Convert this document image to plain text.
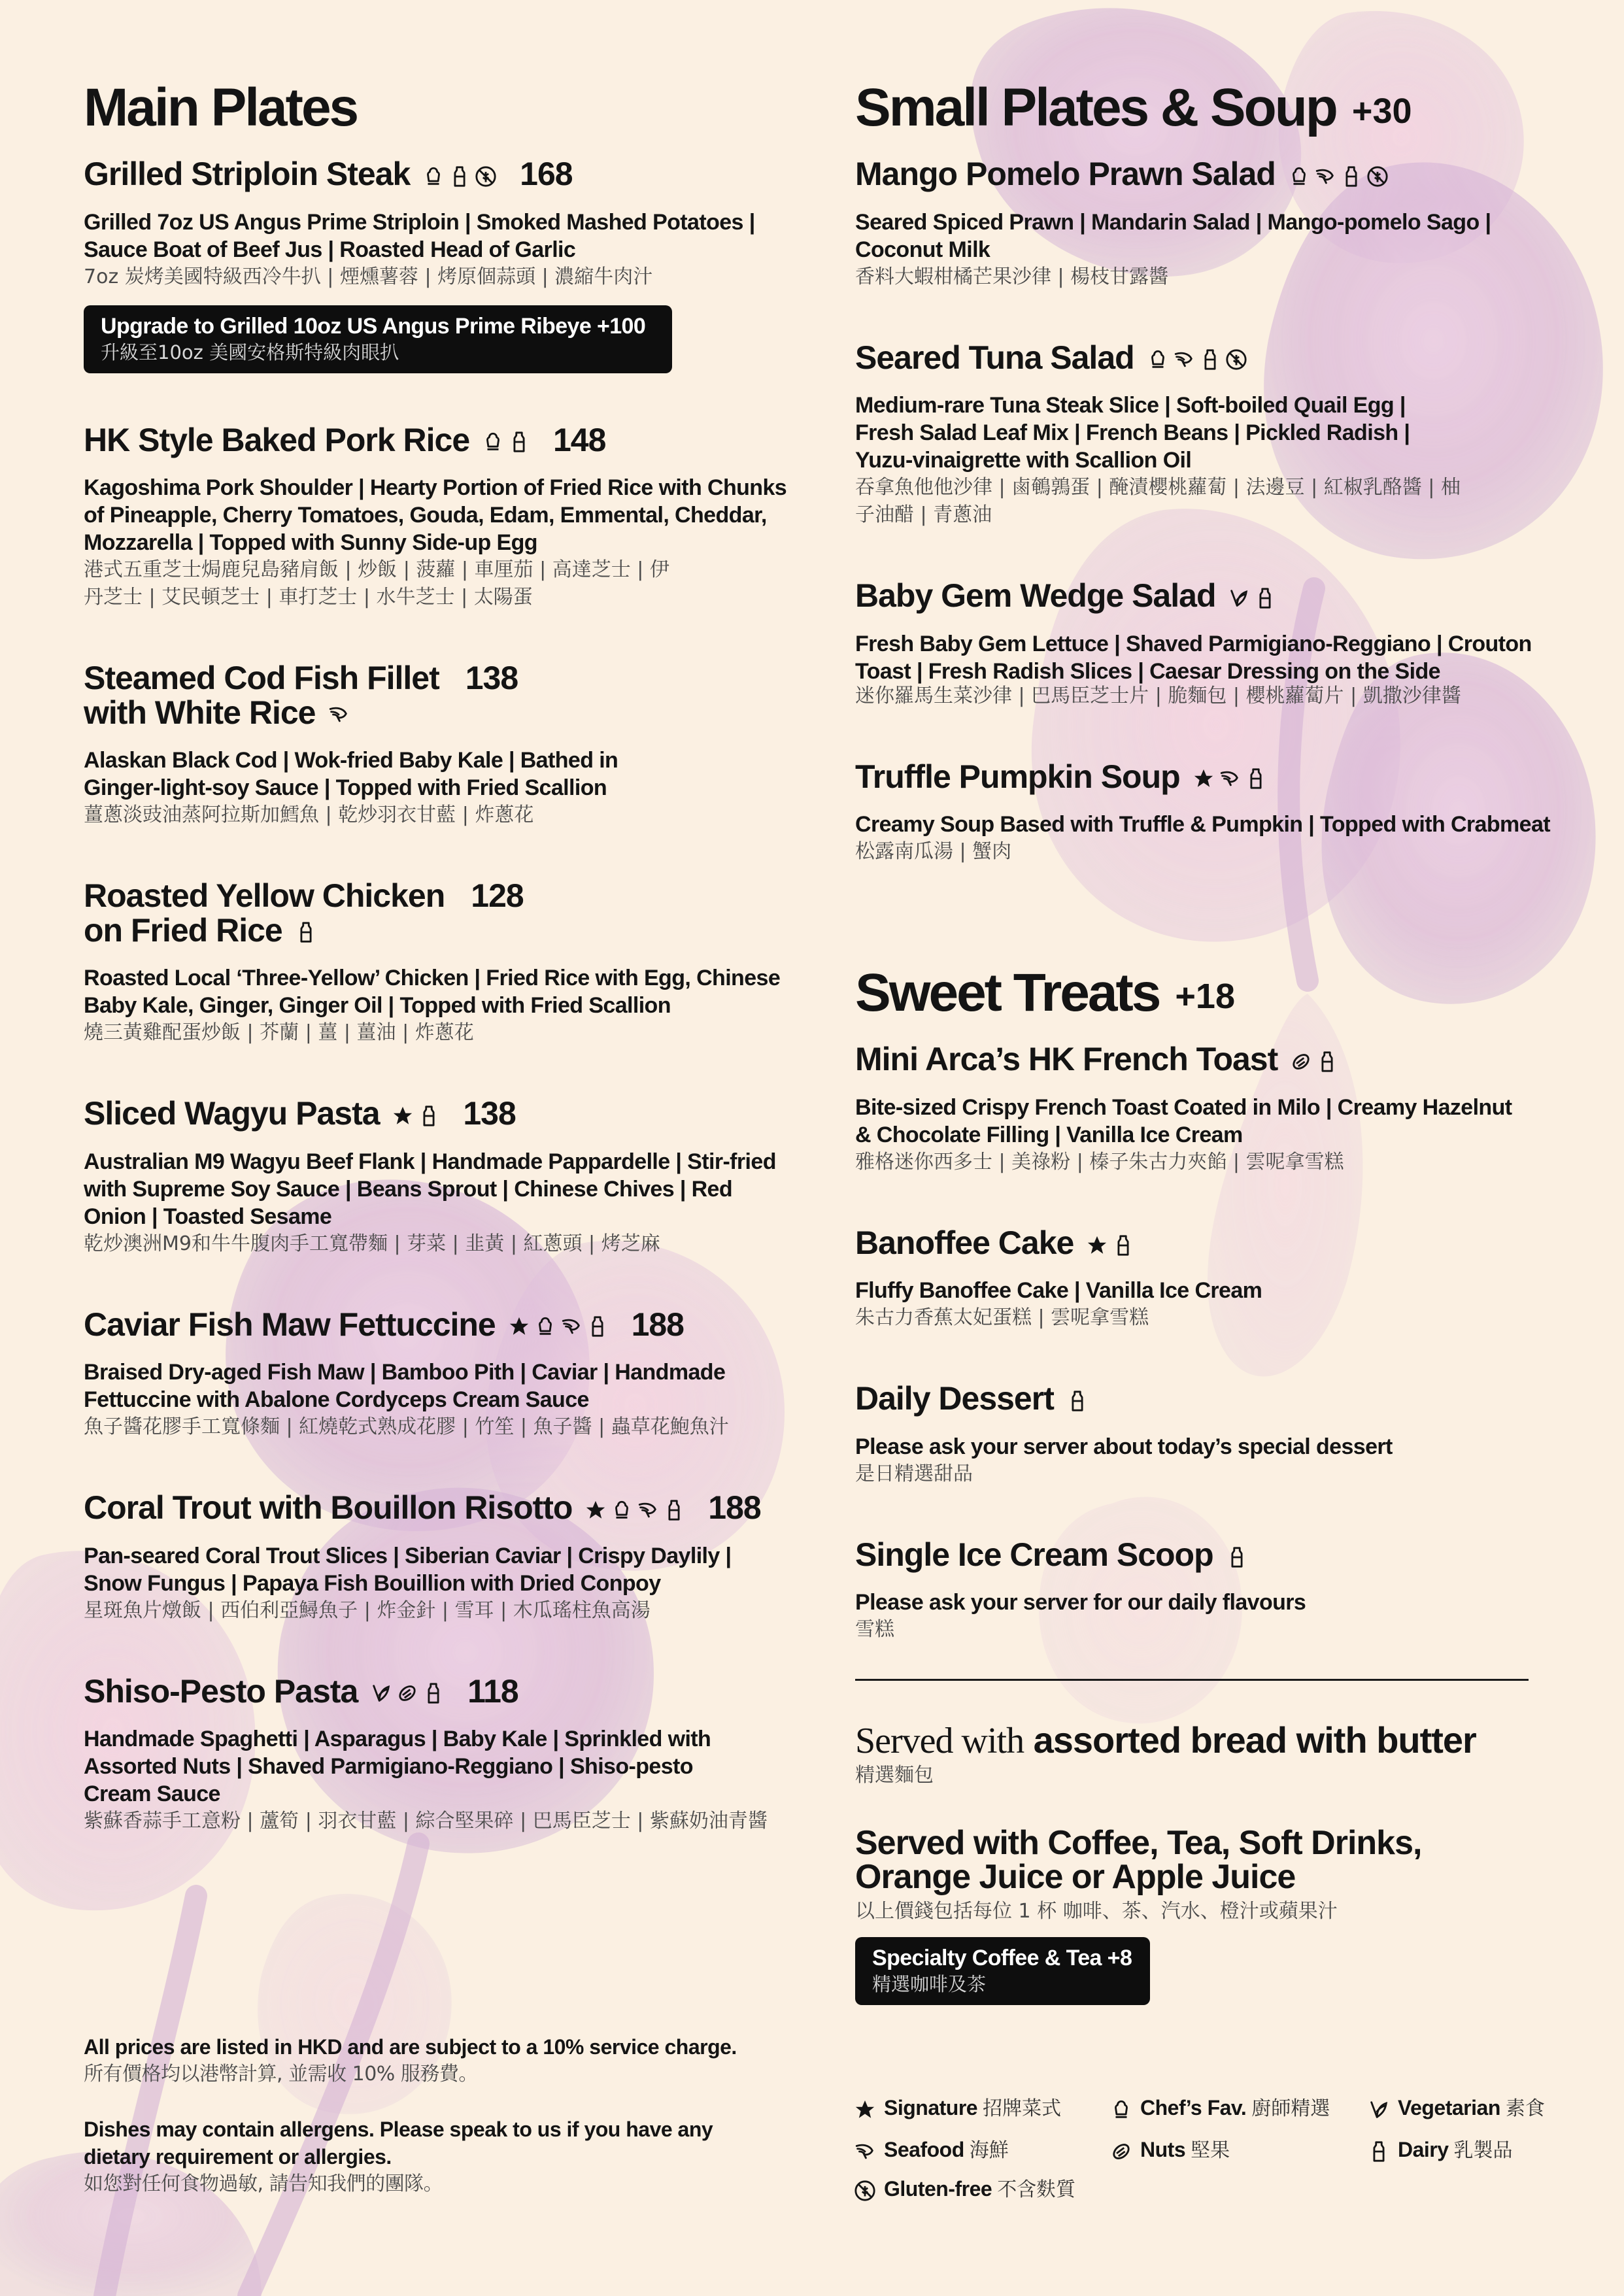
Main Plates
Grilled Striploin Steak	168
Grilled 7oz US Angus Prime Striploin | Smoked Mashed Potatoes | Sauce Boat of Beef Jus | Roasted Head of Garlic
7oz 炭烤美國特級西冷牛扒 | 煙燻薯蓉 | 烤原個蒜頭 | 濃縮牛肉汁
Upgrade to Grilled 10oz US Angus Prime Ribeye +100
升級至10oz 美國安格斯特級肉眼扒
HK Style Baked Pork Rice	148
Kagoshima Pork Shoulder | Hearty Portion of Fried Rice with Chunks of Pineapple, Cherry Tomatoes, Gouda, Edam, Emmental, Cheddar, Mozzarella | Topped with Sunny Side-up Egg
港式五重芝士焗鹿兒島豬肩飯 | 炒飯 | 菠蘿 | 車厘茄 | 高達芝士 | 伊丹芝士 | 艾民頓芝士 | 車打芝士 | 水牛芝士 | 太陽蛋
Steamed Cod Fish Fillet 138
with White Rice
Alaskan Black Cod | Wok-fried Baby Kale | Bathed in Ginger-light-soy Sauce | Topped with Fried Scallion
薑蔥淡豉油蒸阿拉斯加鱈魚 | 乾炒羽衣甘藍 | 炸蔥花
Roasted Yellow Chicken 128
on Fried Rice
Roasted Local ‘Three-Yellow’ Chicken | Fried Rice with Egg, Chinese Baby Kale, Ginger, Ginger Oil | Topped with Fried Scallion
燒三黃雞配蛋炒飯 | 芥蘭 | 薑 | 薑油 | 炸蔥花
Sliced Wagyu Pasta	138
Australian M9 Wagyu Beef Flank | Handmade Pappardelle | Stir-fried with Supreme Soy Sauce | Beans Sprout | Chinese Chives | Red Onion | Toasted Sesame
乾炒澳洲M9和牛牛腹肉手工寬帶麵 | 芽菜 | 韭黃 | 紅蔥頭 | 烤芝麻
Caviar Fish Maw Fettuccine	188
Braised Dry-aged Fish Maw | Bamboo Pith | Caviar | Handmade Fettuccine with Abalone Cordyceps Cream Sauce
魚子醬花膠手工寬條麵 | 紅燒乾式熟成花膠 | 竹笙 | 魚子醬 | 蟲草花鮑魚汁
Coral Trout with Bouillon Risotto	188
Pan-seared Coral Trout Slices | Siberian Caviar | Crispy Daylily | Snow Fungus | Papaya Fish Bouillion with Dried Conpoy
星斑魚片燉飯 | 西伯利亞鱘魚子 | 炸金針 | 雪耳 | 木瓜瑤柱魚高湯
Shiso-Pesto Pasta	118
Handmade Spaghetti | Asparagus | Baby Kale | Sprinkled with Assorted Nuts | Shaved Parmigiano-Reggiano | Shiso-pesto Cream Sauce
紫蘇香蒜手工意粉 | 蘆筍 | 羽衣甘藍 | 綜合堅果碎 | 巴馬臣芝士 | 紫蘇奶油青醬
Small Plates & Soup +30
Mango Pomelo Prawn Salad
Seared Spiced Prawn | Mandarin Salad | Mango-pomelo Sago | Coconut Milk
香料大蝦柑橘芒果沙律 | 楊枝甘露醬
Seared Tuna Salad
Medium-rare Tuna Steak Slice | Soft-boiled Quail Egg | Fresh Salad Leaf Mix | French Beans | Pickled Radish | Yuzu-vinaigrette with Scallion Oil
吞拿魚他他沙律 | 鹵鵪鶉蛋 | 醃漬櫻桃蘿蔔 | 法邊豆 | 紅椒乳酪醬 | 柚子油醋 | 青蔥油
Baby Gem Wedge Salad
Fresh Baby Gem Lettuce | Shaved Parmigiano-Reggiano | Crouton Toast | Fresh Radish Slices | Caesar Dressing on the Side
迷你羅馬生菜沙律 | 巴馬臣芝士片 | 脆麵包 | 櫻桃蘿蔔片 | 凱撒沙律醬
Truffle Pumpkin Soup
Creamy Soup Based with Truffle & Pumpkin | Topped with Crabmeat
松露南瓜湯 | 蟹肉
Sweet Treats +18
Mini Arca’s HK French Toast
Bite-sized Crispy French Toast Coated in Milo | Creamy Hazelnut & Chocolate Filling | Vanilla Ice Cream
雅格迷你西多士 | 美祿粉 | 榛子朱古力夾餡 | 雲呢拿雪糕
Banoffee Cake
Fluffy Banoffee Cake | Vanilla Ice Cream
朱古力香蕉太妃蛋糕 | 雲呢拿雪糕
Daily Dessert
Please ask your server about today’s special dessert
是日精選甜品
Single Ice Cream Scoop
Please ask your server for our daily flavours
雪糕
Served with assorted bread with butter
精選麵包
Served with Coffee, Tea, Soft Drinks,
Orange Juice or Apple Juice
以上價錢包括每位 1 杯 咖啡、茶、汽水、橙汁或蘋果汁
Specialty Coffee & Tea +8
精選咖啡及茶
All prices are listed in HKD and are subject to a 10% service charge.
所有價格均以港幣計算, 並需收 10% 服務費。
Dishes may contain allergens. Please speak to us if you have any dietary requirement or allergies.
如您對任何食物過敏, 請告知我們的團隊。
Signature 招牌菜式	Chef’s Fav. 廚師精選	Vegetarian 素食
Seafood 海鮮	Nuts 堅果	Dairy 乳製品
Gluten-free 不含麩質
